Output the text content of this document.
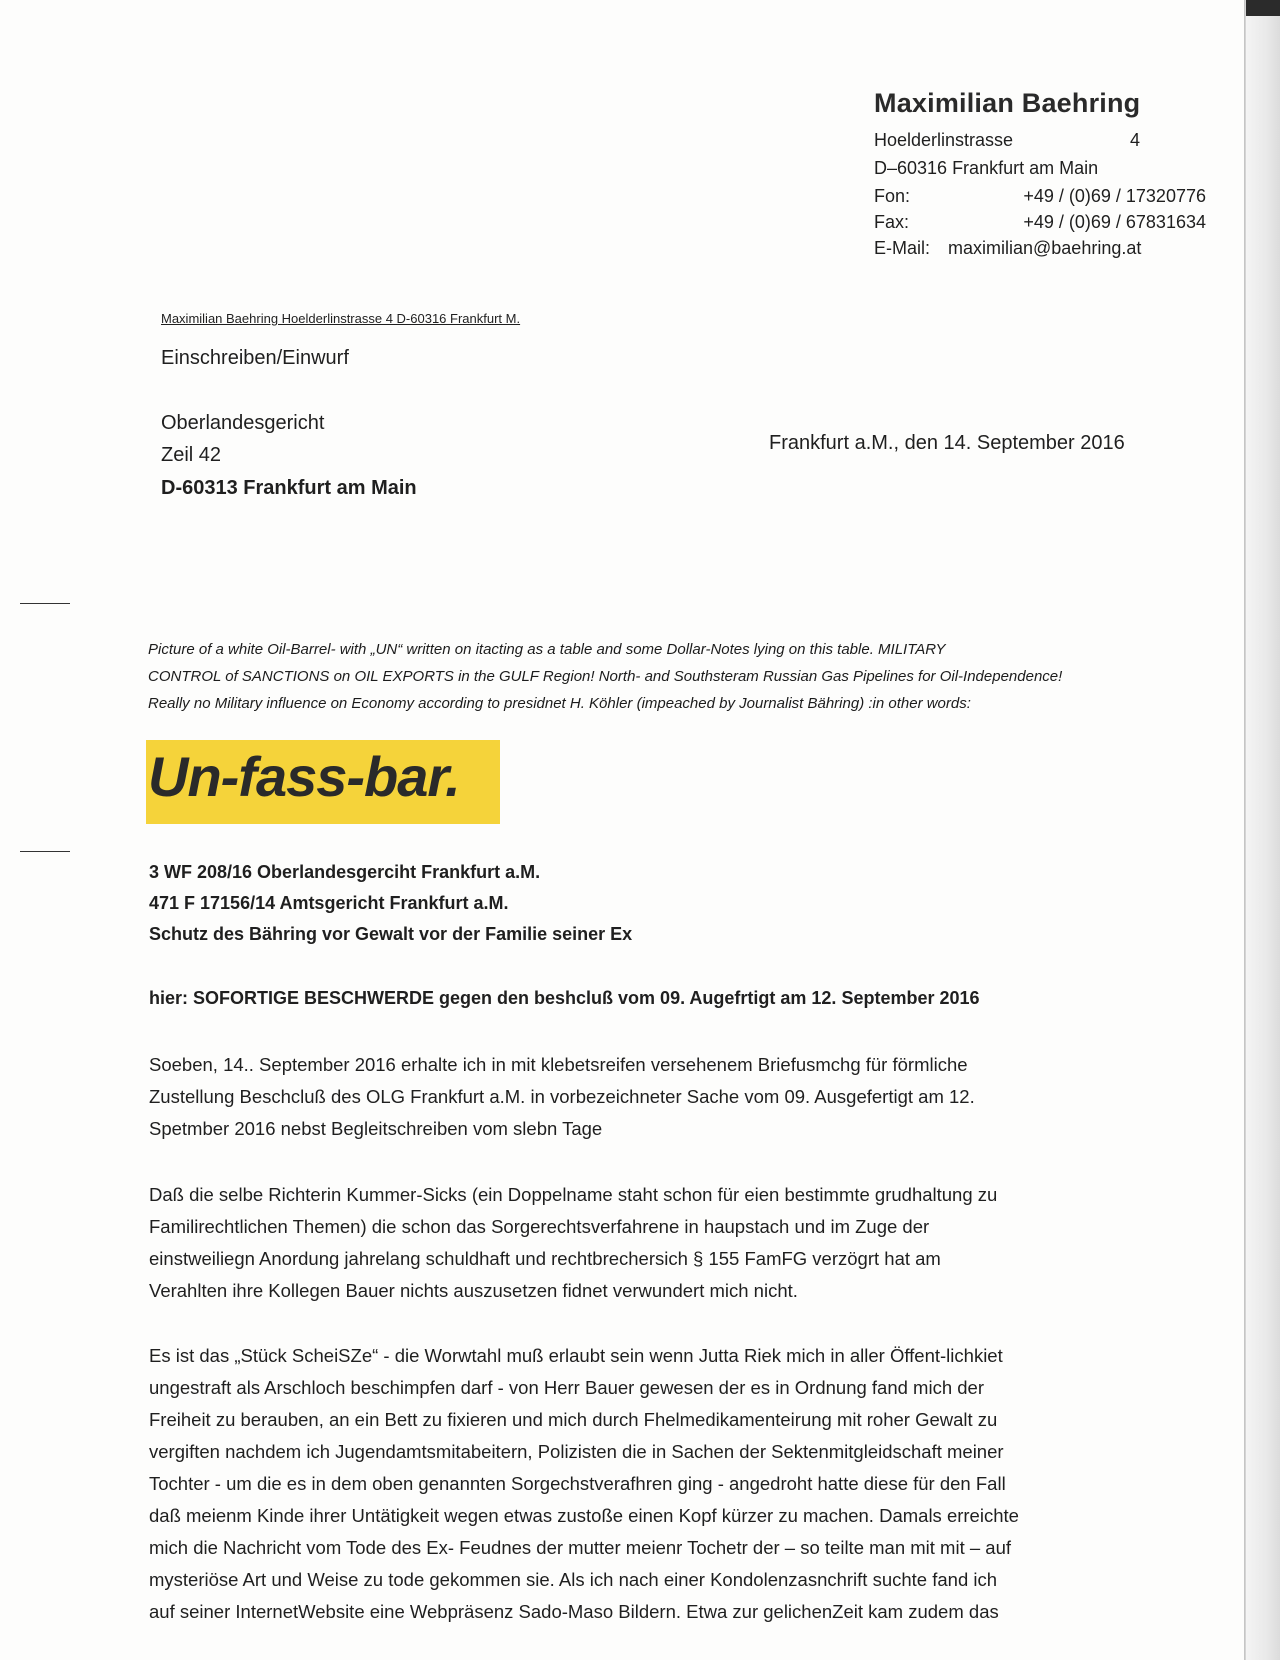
Maximilian Baehring
Hoelderlinstrasse	4
D–60316 Frankfurt am Main
Fon:	+49 / (0)69 / 17320776
Fax:	+49 / (0)69 / 67831634
E-Mail: maximilian@baehring.at
Maximilian Baehring Hoelderlinstrasse 4 D-60316 Frankfurt M.
Einschreiben/Einwurf
Oberlandesgericht
Zeil 42
D-60313 Frankfurt am Main
Frankfurt a.M., den 14. September 2016
Picture of a white Oil-Barrel- with „UN“ written on itacting as a table and some Dollar-Notes lying on this table. MILITARY
CONTROL of SANCTIONS on OIL EXPORTS in the GULF Region! North- and Southsteram Russian Gas Pipelines for Oil-Independence!
Really no Military influence on Economy according to presidnet H. Köhler (impeached by Journalist Bähring) :in other words:
Un-fass-bar.
3 WF 208/16 Oberlandesgerciht Frankfurt a.M.
471 F 17156/14 Amtsgericht Frankfurt a.M.
Schutz des Bähring vor Gewalt vor der Familie seiner Ex
hier: SOFORTIGE BESCHWERDE gegen den beshcluß vom 09. Augefrtigt am 12. September 2016
Soeben, 14.. September 2016 erhalte ich in mit klebetsreifen versehenem Briefusmchg für förmliche
Zustellung Beschcluß des OLG Frankfurt a.M. in vorbezeichneter Sache vom 09. Ausgefertigt am 12.
Spetmber 2016 nebst Begleitschreiben vom slebn Tage
Daß die selbe Richterin Kummer-Sicks (ein Doppelname staht schon für eien bestimmte grudhaltung zu
Familirechtlichen Themen) die schon das Sorgerechtsverfahrene in haupstach und im Zuge der
einstweiliegn Anordung jahrelang schuldhaft und rechtbrechersich § 155 FamFG verzögrt hat am
Verahlten ihre Kollegen Bauer nichts auszusetzen fidnet verwundert mich nicht.
Es ist das „Stück ScheiSZe“ - die Worwtahl muß erlaubt sein wenn Jutta Riek mich in aller Öffent-lichkiet
ungestraft als Arschloch beschimpfen darf - von Herr Bauer gewesen der es in Ordnung fand mich der
Freiheit zu berauben, an ein Bett zu fixieren und mich durch Fhelmedikamenteirung mit roher Gewalt zu
vergiften nachdem ich Jugendamtsmitabeitern, Polizisten die in Sachen der Sektenmitgleidschaft meiner
Tochter - um die es in dem oben genannten Sorgechstverafhren ging - angedroht hatte diese für den Fall
daß meienm Kinde ihrer Untätigkeit wegen etwas zustoße einen Kopf kürzer zu machen. Damals erreichte
mich die Nachricht vom Tode des Ex- Feudnes der mutter meienr Tochetr der – so teilte man mit mit – auf
mysteriöse Art und Weise zu tode gekommen sie. Als ich nach einer Kondolenzasnchrift suchte fand ich
auf seiner InternetWebsite eine Webpräsenz Sado-Maso Bildern. Etwa zur gelichenZeit kam zudem das
